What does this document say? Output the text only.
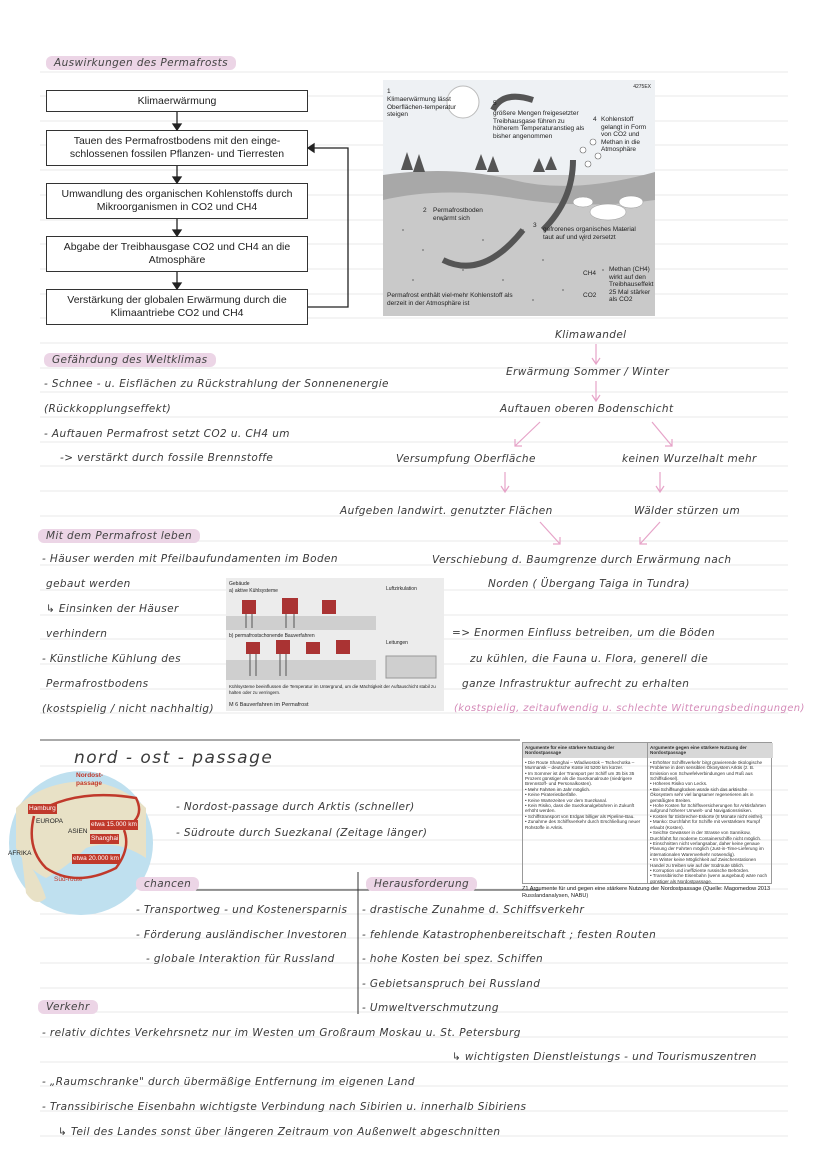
Auswirkungen des Permafrosts
Klimaerwärmung
Tauen des Permafrostbodens mit den einge-schlossenen fossilen Pflanzen- und Tierresten
Umwandlung des organischen Kohlenstoffs durch Mikroorganismen in CO2 und CH4
Abgabe der Treibhausgase CO2 und CH4 an die Atmosphäre
Verstärkung der globalen Erwärmung durch die Klimaantriebe CO2 und CH4
4275EX
1
Klimaerwärmung lässt Oberflächen-temperatur steigen
2 Permafrostboden erwärmt sich
3
gefrorenes organisches Material taut auf und wird zersetzt
4 Kohlenstoff gelangt in Form von CO2 und Methan in die Atmosphäre
5
größere Mengen freigesetzter Treibhausgase führen zu höherem Temperaturanstieg als bisher angenommen
CH4
CO2
Methan (CH4) wirkt auf den Treibhauseffekt 25 Mal stärker als CO2
Permafrost enthält viel mehr Kohlenstoff als derzeit in der Atmosphäre ist
Gefährdung des Weltklimas
- Schnee - u. Eisflächen zu Rückstrahlung der Sonnenenergie
(Rückkopplungseffekt)
- Auftauen Permafrost setzt CO2 u. CH4 um
-> verstärkt durch fossile Brennstoffe
Klimawandel
Erwärmung Sommer / Winter
Auftauen oberen Bodenschicht
Versumpfung Oberfläche	keinen Wurzelhalt mehr
Aufgeben landwirt. genutzter Flächen	Wälder stürzen um
Verschiebung d. Baumgrenze durch Erwärmung nach
Norden ( Übergang Taiga in Tundra)
Mit dem Permafrost leben
- Häuser werden mit Pfeilbaufundamenten im Boden
gebaut werden
↳ Einsinken der Häuser
verhindern
- Künstliche Kühlung des
Permafrostbodens
(kostspielig / nicht nachhaltig)
=> Enormen Einfluss betreiben, um die Böden
zu kühlen, die Fauna u. Flora, generell die
ganze Infrastruktur aufrecht zu erhalten
(kostspielig, zeitaufwendig u. schlechte Witterungsbedingungen)
Gebäude
a) aktive Kühlsysteme
b) permafrostschonende Bauverfahren
Luftzirkulation
Leitungen
Kühlsysteme beeinflussen die Temperatur im Untergrund, um die Mächtigkeit der Auftauschicht stabil zu halten oder zu verringern.
M 6 Bauverfahren im Permafrost
nord - ost - passage
Nordost-passage
Hamburg
EUROPA
ASIEN
AFRIKA
etwa 15.000 km
Shanghai
etwa 20.000 km
Süd-route
- Nordost-passage durch Arktis (schneller)
- Südroute durch Suezkanal (Zeitage länger)
Argumente für eine stärkere Nutzung der Nordostpassage
• Die Route Shanghai – Wladiwostok – Tschechotka – Murmansk – deutsche Küste ist 5200 km kürzer.
• Im Sommer ist der Transport per Schiff um 35 bis 35 Prozent günstiger als die Suezkanalroute (niedrigere Brennstoff- und Personalkosten).
• Mehr Fahrten im Jahr möglich.
• Keine Piraterieüberfälle.
• Keine Wartezeiten vor dem Suezkanal.
• Kein Risiko, dass die Suezkanalgebühren in Zukunft erhöht werden.
• Schiffstransport von Erdgas billiger als Pipeline-Bau.
• Zunahme des Schiffsverkehr durch Erschließung neuer Rohstoffe in Arktis.
Argumente gegen eine stärkere Nutzung der Nordostpassage
• Erhöhter Schiffsverkehr birgt gravierende ökologische Probleme in dem sensiblen Ökosystem Arktis (z. B. Emission von Schwefelverbindungen und Ruß aus Schiffsdiesel).
• Höheres Risiko von Lecks.
• Bei Schiffsunglücken würde sich das arktische Ökosystem sehr viel langsamer regenerieren als in gemäßigten Breiten.
• Hohe Kosten für Schiffsversicherungen für Arktisfahrten aufgrund höherer Umwelt- und Navigationsrisiken.
• Kosten für Eisbrecher-Eskorte (8 Monate nicht eisfrei).
• Manko: Durchfahrt für Schiffe mit verstärktem Rumpf erlaubt (Kosten).
• Seichte Gewässer in der Strasse von Sannikow, Durchfahrt für moderne Containerschiffe nicht möglich.
• Einschnitten nicht verlangsabar, daher keine genaue Planung der Fahrten möglich (Just-in-Time-Lieferung im internationalen Warenverkehr notwendig).
• Im Winter keine Möglichkeit auf Zwischenstationen Handel zu treiben wie auf der Südroute üblich.
• Korruption und ineffiziente russische Behörden.
• Transsibirische Eisenbahn (wenn ausgebaut) wäre noch günstiger als Nordostpassage.
Z1 Argumente für und gegen eine stärkere Nutzung der Nordostpassage (Quelle: Magomedow 2013 Russlandanalysen, NABU)
chancen
- Transportweg - und Kostenersparnis
- Förderung ausländischer Investoren
- globale Interaktion für Russland
Herausforderung
- drastische Zunahme d. Schiffsverkehr
- fehlende Katastrophenbereitschaft ; festen Routen
- hohe Kosten bei spez. Schiffen
- Gebietsanspruch bei Russland
- Umweltverschmutzung
Verkehr
- relativ dichtes Verkehrsnetz nur im Westen um Großraum Moskau u. St. Petersburg
↳ wichtigsten Dienstleistungs - und Tourismuszentren
- „Raumschranke" durch übermäßige Entfernung im eigenen Land
- Transsibirische Eisenbahn wichtigste Verbindung nach Sibirien u. innerhalb Sibiriens
↳ Teil des Landes sonst über längeren Zeitraum von Außenwelt abgeschnitten
